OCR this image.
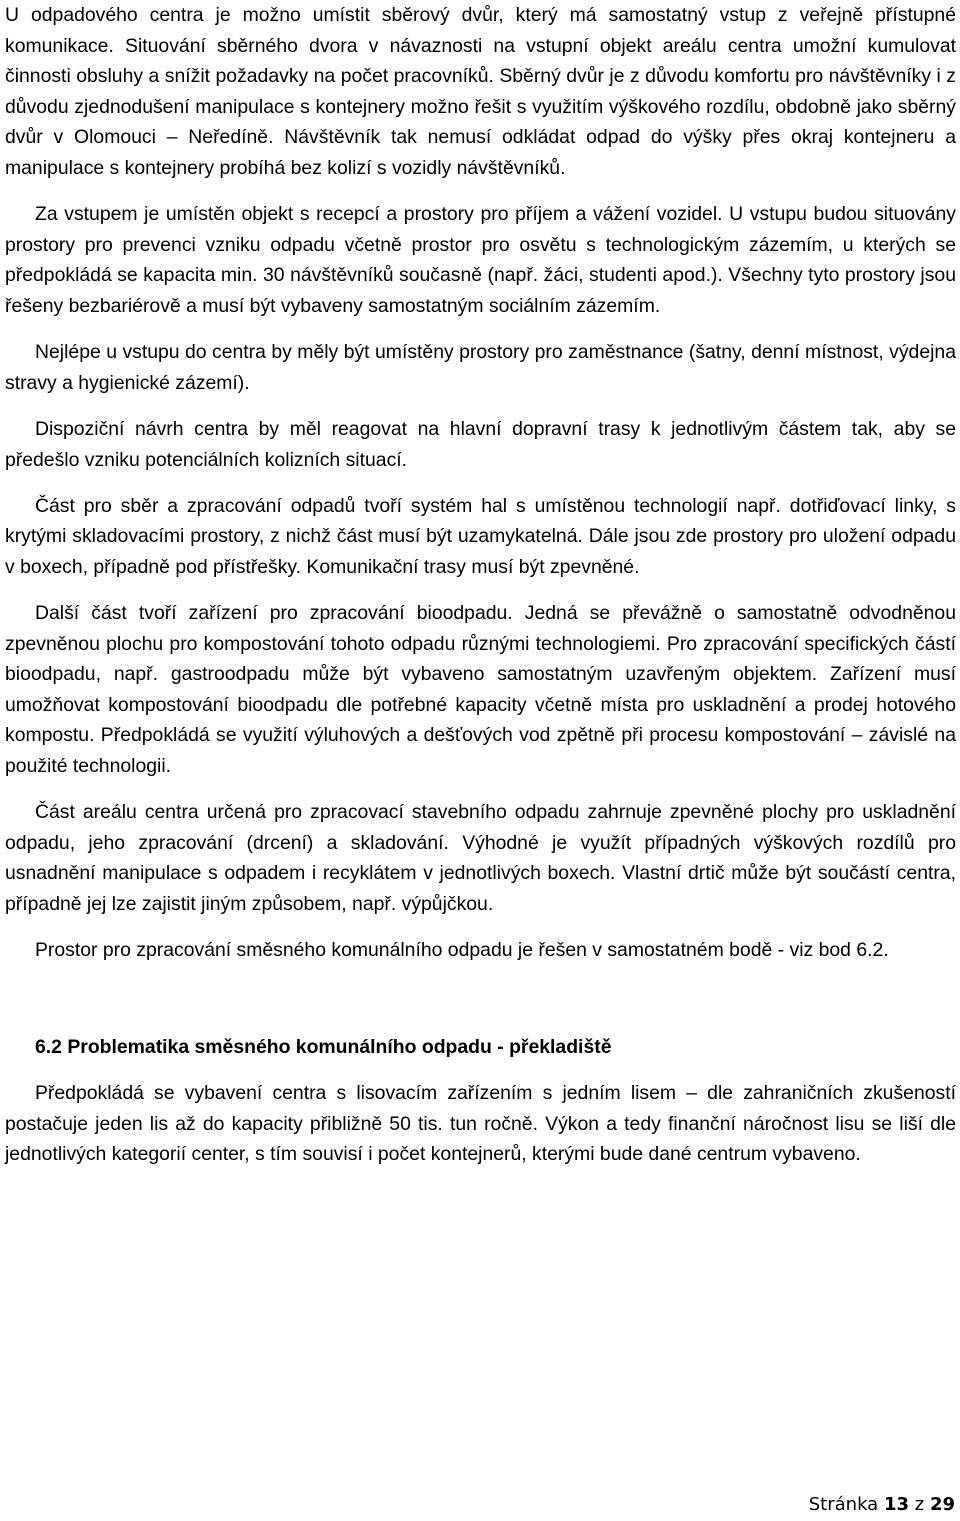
U odpadového centra je možno umístit sběrový dvůr, který má samostatný vstup z veřejně přístupné komunikace. Situování sběrného dvora v návaznosti na vstupní objekt areálu centra umožní kumulovat činnosti obsluhy a snížit požadavky na počet pracovníků. Sběrný dvůr je z důvodu komfortu pro návštěvníky i z důvodu zjednodušení manipulace s kontejnery možno řešit s využitím výškového rozdílu, obdobně jako sběrný dvůr v Olomouci – Neředíně. Návštěvník tak nemusí odkládat odpad do výšky přes okraj kontejneru a manipulace s kontejnery probíhá bez kolizí s vozidly návštěvníků.

Za vstupem je umístěn objekt s recepcí a prostory pro příjem a vážení vozidel. U vstupu budou situovány prostory pro prevenci vzniku odpadu včetně prostor pro osvětu s technologickým zázemím, u kterých se předpokládá se kapacita min. 30 návštěvníků současně (např. žáci, studenti apod.). Všechny tyto prostory jsou řešeny bezbariérově a musí být vybaveny samostatným sociálním zázemím.

Nejlépe u vstupu do centra by měly být umístěny prostory pro zaměstnance (šatny, denní místnost, výdejna stravy a hygienické zázemí).

Dispoziční návrh centra by měl reagovat na hlavní dopravní trasy k jednotlivým částem tak, aby se předešlo vzniku potenciálních kolizních situací.

Část pro sběr a zpracování odpadů tvoří systém hal s umístěnou technologií např. dotřiďovací linky, s krytými skladovacími prostory, z nichž část musí být uzamykatelná. Dále jsou zde prostory pro uložení odpadu v boxech, případně pod přístřešky. Komunikační trasy musí být zpevněné.

Další část tvoří zařízení pro zpracování bioodpadu. Jedná se převážně o samostatně odvodněnou zpevněnou plochu pro kompostování tohoto odpadu různými technologiemi. Pro zpracování specifických částí bioodpadu, např. gastroodpadu může být vybaveno samostatným uzavřeným objektem. Zařízení musí umožňovat kompostování bioodpadu dle potřebné kapacity včetně místa pro uskladnění a prodej hotového kompostu. Předpokládá se využití výluhových a dešťových vod zpětně při procesu kompostování – závislé na použité technologii.

Část areálu centra určená pro zpracovací stavebního odpadu zahrnuje zpevněné plochy pro uskladnění odpadu, jeho zpracování (drcení) a skladování. Výhodné je využít případných výškových rozdílů pro usnadnění manipulace s odpadem i recyklátem v jednotlivých boxech. Vlastní drtič může být součástí centra, případně jej lze zajistit jiným způsobem, např. výpůjčkou.

Prostor pro zpracování směsného komunálního odpadu je řešen v samostatném bodě - viz bod 6.2.

6.2 Problematika směsného komunálního odpadu - překladiště

Předpokládá se vybavení centra s lisovacím zařízením s jedním lisem – dle zahraničních zkušeností postačuje jeden lis až do kapacity přibližně 50 tis. tun ročně. Výkon a tedy finanční náročnost lisu se liší dle jednotlivých kategorií center, s tím souvisí i počet kontejnerů, kterými bude dané centrum vybaveno.

Stránka 13 z 29
